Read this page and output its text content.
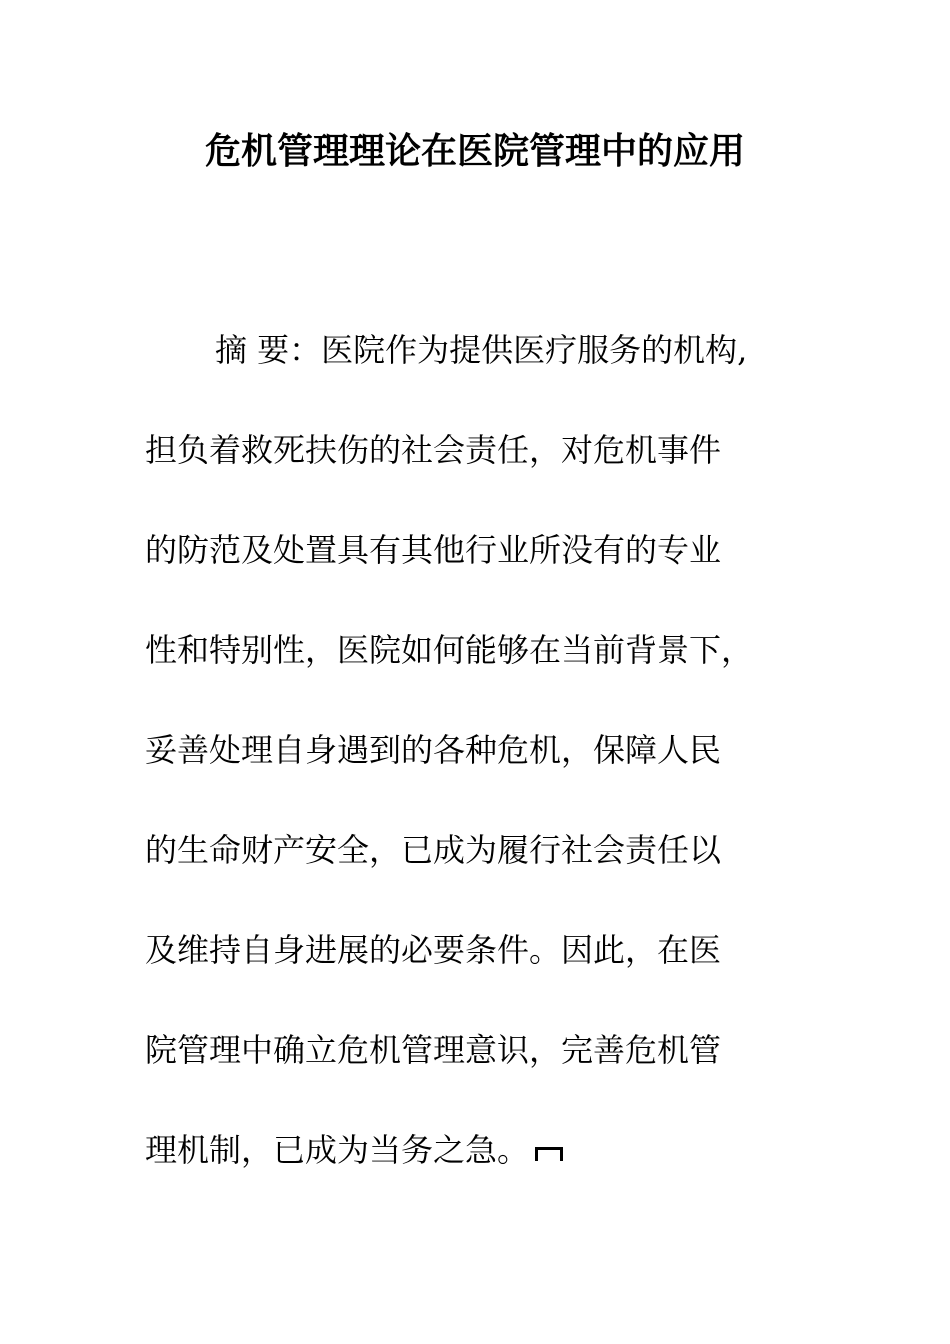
危机管理理论在医院管理中的应用
摘 要：医院作为提供医疗服务的机构,
担负着救死扶伤的社会责任，对危机事件
的防范及处置具有其他行业所没有的专业
性和特别性，医院如何能够在当前背景下，
妥善处理自身遇到的各种危机，保障人民
的生命财产安全，已成为履行社会责任以
及维持自身进展的必要条件。因此，在医
院管理中确立危机管理意识，完善危机管
理机制，已成为当务之急。
